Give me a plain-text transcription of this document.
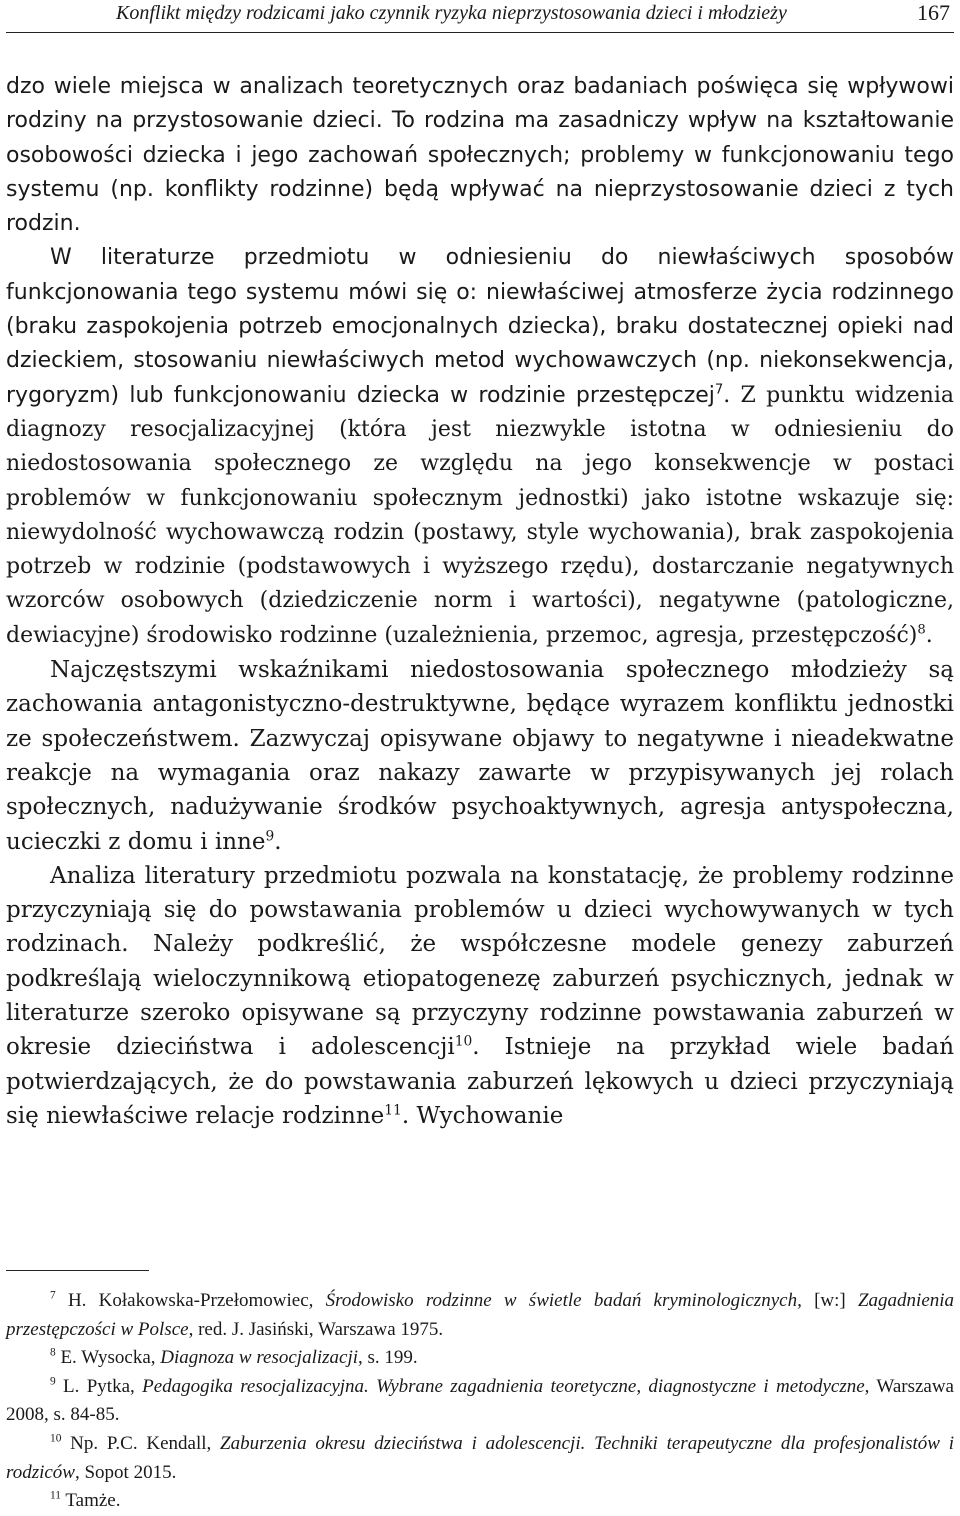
Konflikt między rodzicami jako czynnik ryzyka nieprzystosowania dzieci i młodzieży	167

dzo wiele miejsca w analizach teoretycznych oraz badaniach poświęca się wpływowi rodziny na przystosowanie dzieci. To rodzina ma zasadniczy wpływ na kształtowanie osobowości dziecka i jego zachowań społecznych; problemy w funkcjonowaniu tego systemu (np. konflikty rodzinne) będą wpływać na nieprzystosowanie dzieci z tych rodzin.

W literaturze przedmiotu w odniesieniu do niewłaściwych sposobów funkcjonowania tego systemu mówi się o: niewłaściwej atmosferze życia rodzinnego (braku zaspokojenia potrzeb emocjonalnych dziecka), braku dostatecznej opieki nad dzieckiem, stosowaniu niewłaściwych metod wychowawczych (np. niekonsekwencja, rygoryzm) lub funkcjonowaniu dziecka w rodzinie przestępczej$^7$. Z punktu widzenia diagnozy resocjalizacyjnej (która jest niezwykle istotna w odniesieniu do niedostosowania społecznego ze względu na jego konsekwencje w postaci problemów w funkcjonowaniu społecznym jednostki) jako istotne wskazuje się: niewydolność wychowawczą rodzin (postawy, style wychowania), brak zaspokojenia potrzeb w rodzinie (podstawowych i wyższego rzędu), dostarczanie negatywnych wzorców osobowych (dziedziczenie norm i wartości), negatywne (patologiczne, dewiacyjne) środowisko rodzinne (uzależnienia, przemoc, agresja, przestępczość)$^8$.

Najczęstszymi wskaźnikami niedostosowania społecznego młodzieży są zachowania antagonistyczno-destruktywne, będące wyrazem konfliktu jednostki ze społeczeństwem. Zazwyczaj opisywane objawy to negatywne i nieadekwatne reakcje na wymagania oraz nakazy zawarte w przypisywanych jej rolach społecznych, nadużywanie środków psychoaktywnych, agresja antyspołeczna, ucieczki z domu i inne$^9$.

Analiza literatury przedmiotu pozwala na konstatację, że problemy rodzinne przyczyniają się do powstawania problemów u dzieci wychowywanych w tych rodzinach. Należy podkreślić, że współczesne modele genezy zaburzeń podkreślają wieloczynnikową etiopatogenezę zaburzeń psychicznych, jednak w literaturze szeroko opisywane są przyczyny rodzinne powstawania zaburzeń w okresie dzieciństwa i adolescencji$^{10}$. Istnieje na przykład wiele badań potwierdzających, że do powstawania zaburzeń lękowych u dzieci przyczyniają się niewłaściwe relacje rodzinne$^{11}$. Wychowanie

$^7$ H. Kołakowska-Przełomowiec, Środowisko rodzinne w świetle badań kryminologicznych, [w:] Zagadnienia przestępczości w Polsce, red. J. Jasiński, Warszawa 1975.

$^8$ E. Wysocka, Diagnoza w resocjalizacji, s. 199.

$^9$ L. Pytka, Pedagogika resocjalizacyjna. Wybrane zagadnienia teoretyczne, diagnostyczne i metodyczne, Warszawa 2008, s. 84-85.

$^{10}$ Np. P.C. Kendall, Zaburzenia okresu dzieciństwa i adolescencji. Techniki terapeutyczne dla profesjonalistów i rodziców, Sopot 2015.

$^{11}$ Tamże.
